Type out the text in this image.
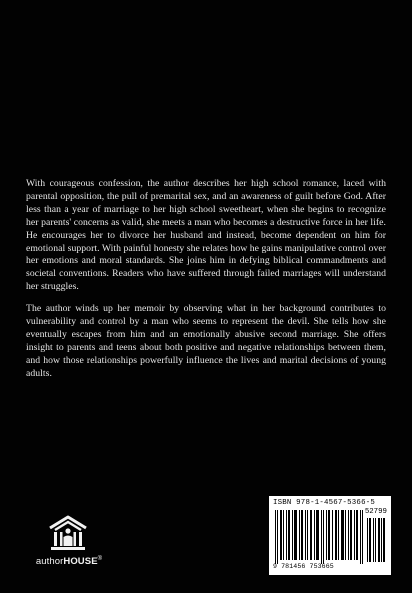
With courageous confession, the author describes her high school romance, laced with parental opposition, the pull of premarital sex, and an awareness of guilt before God. After less than a year of marriage to her high school sweetheart, when she begins to recognize her parents' concerns as valid, she meets a man who becomes a destructive force in her life. He encourages her to divorce her husband and instead, become dependent on him for emotional support. With painful honesty she relates how he gains manipulative control over her emotions and moral standards. She joins him in defying biblical commandments and societal conventions. Readers who have suffered through failed marriages will understand her struggles.

The author winds up her memoir by observing what in her background contributes to vulnerability and control by a man who seems to represent the devil. She tells how she eventually escapes from him and an emotionally abusive second marriage. She offers insight to parents and teens about both positive and negative relationships between them, and how those relationships powerfully influence the lives and marital decisions of young adults.

authorHOUSE®
ISBN 978-1-4567-5366-5
52799
9 781456 753665
